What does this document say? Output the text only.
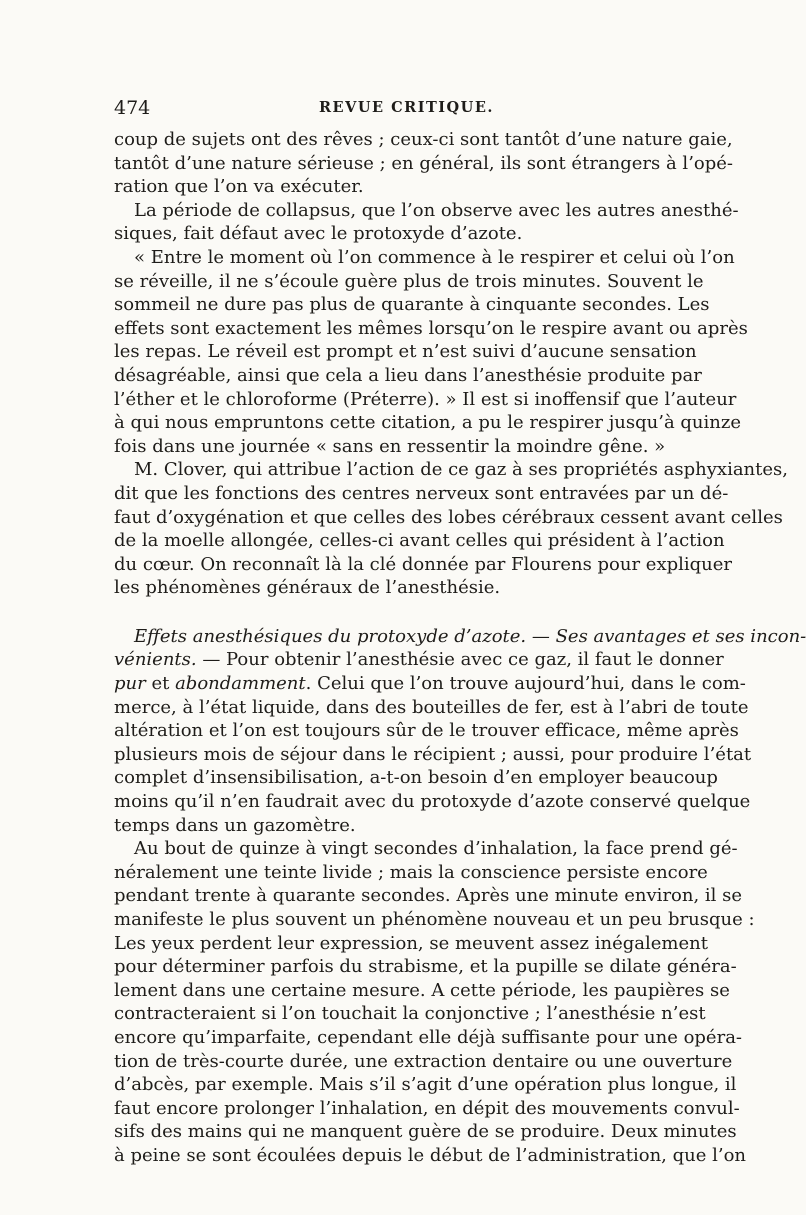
474	REVUE CRITIQUE.
coup de sujets ont des rêves ; ceux-ci sont tantôt d’une nature gaie,
tantôt d’une nature sérieuse ; en général, ils sont étrangers à l’opé-
ration que l’on va exécuter.
La période de collapsus, que l’on observe avec les autres anesthé-
siques, fait défaut avec le protoxyde d’azote.
« Entre le moment où l’on commence à le respirer et celui où l’on
se réveille, il ne s’écoule guère plus de trois minutes. Souvent le
sommeil ne dure pas plus de quarante à cinquante secondes. Les
effets sont exactement les mêmes lorsqu’on le respire avant ou après
les repas. Le réveil est prompt et n’est suivi d’aucune sensation
désagréable, ainsi que cela a lieu dans l’anesthésie produite par
l’éther et le chloroforme (Préterre). » Il est si inoffensif que l’auteur
à qui nous empruntons cette citation, a pu le respirer jusqu’à quinze
fois dans une journée « sans en ressentir la moindre gêne. »
M. Clover, qui attribue l’action de ce gaz à ses propriétés asphyxiantes,
dit que les fonctions des centres nerveux sont entravées par un dé-
faut d’oxygénation et que celles des lobes cérébraux cessent avant celles
de la moelle allongée, celles-ci avant celles qui président à l’action
du cœur. On reconnaît là la clé donnée par Flourens pour expliquer
les phénomènes généraux de l’anesthésie.
Effets anesthésiques du protoxyde d’azote. — Ses avantages et ses incon-
vénients. — Pour obtenir l’anesthésie avec ce gaz, il faut le donner
pur et abondamment. Celui que l’on trouve aujourd’hui, dans le com-
merce, à l’état liquide, dans des bouteilles de fer, est à l’abri de toute
altération et l’on est toujours sûr de le trouver efficace, même après
plusieurs mois de séjour dans le récipient ; aussi, pour produire l’état
complet d’insensibilisation, a-t-on besoin d’en employer beaucoup
moins qu’il n’en faudrait avec du protoxyde d’azote conservé quelque
temps dans un gazomètre.
Au bout de quinze à vingt secondes d’inhalation, la face prend gé-
néralement une teinte livide ; mais la conscience persiste encore
pendant trente à quarante secondes. Après une minute environ, il se
manifeste le plus souvent un phénomène nouveau et un peu brusque :
Les yeux perdent leur expression, se meuvent assez inégalement
pour déterminer parfois du strabisme, et la pupille se dilate généra-
lement dans une certaine mesure. A cette période, les paupières se
contracteraient si l’on touchait la conjonctive ; l’anesthésie n’est
encore qu’imparfaite, cependant elle déjà suffisante pour une opéra-
tion de très-courte durée, une extraction dentaire ou une ouverture
d’abcès, par exemple. Mais s’il s’agit d’une opération plus longue, il
faut encore prolonger l’inhalation, en dépit des mouvements convul-
sifs des mains qui ne manquent guère de se produire. Deux minutes
à peine se sont écoulées depuis le début de l’administration, que l’on
